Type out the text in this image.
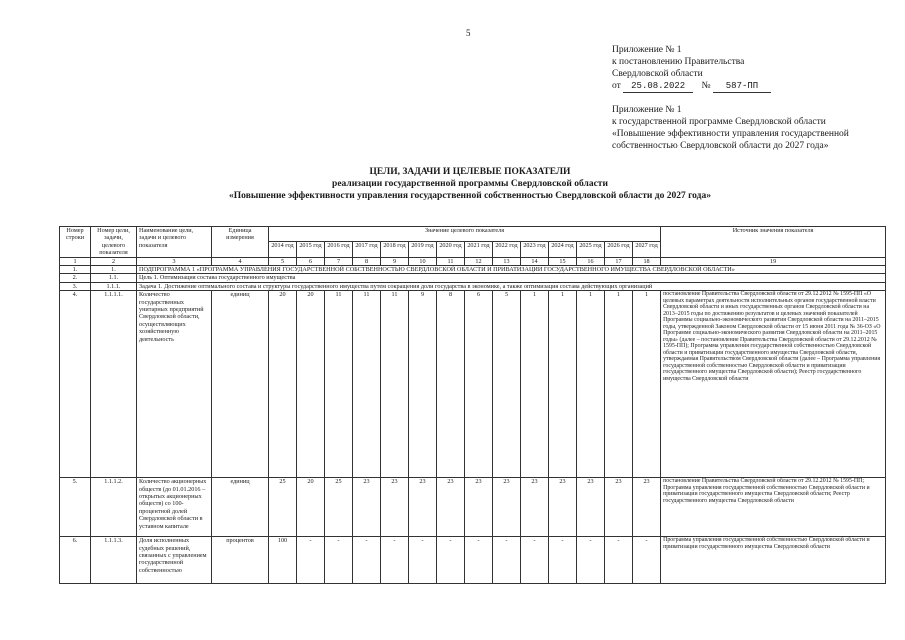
5
Приложение № 1
к постановлению Правительства
Свердловской области
от 25.08.2022 № 587-ПП
Приложение № 1
к государственной программе Свердловской области
«Повышение эффективности управления государственной
собственностью Свердловской области до 2027 года»
ЦЕЛИ, ЗАДАЧИ И ЦЕЛЕВЫЕ ПОКАЗАТЕЛИ
реализации государственной программы Свердловской области
«Повышение эффективности управления государственной собственностью Свердловской области до 2027 года»
Номер строки	Номер цели, задачи, целевого показателя	Наименование цели, задачи и целевого показателя	Единица измерения	Значение целевого показателя														Источник значения показателя
				2014 год	2015 год	2016 год	2017 год	2018 год	2019 год	2020 год	2021 год	2022 год	2023 год	2024 год	2025 год	2026 год	2027 год	
1	2	3	4	5	6	7	8	9	10	11	12	13	14	15	16	17	18	19
1.	1.	ПОДПРОГРАММА 1 «ПРОГРАММА УПРАВЛЕНИЯ ГОСУДАРСТВЕННОЙ СОБСТВЕННОСТЬЮ СВЕРДЛОВСКОЙ ОБЛАСТИ И ПРИВАТИЗАЦИИ ГОСУДАРСТВЕННОГО ИМУЩЕСТВА СВЕРДЛОВСКОЙ ОБЛАСТИ»																
2.	1.1.	Цель 1. Оптимизация состава государственного имущества																
3.	1.1.1.	Задача 1. Достижение оптимального состава и структуры государственного имущества путем сокращения доли государства в экономике, а также оптимизация состава действующих организаций																
4.	1.1.1.1.	Количество государственных унитарных предприятий Свердловской области, осуществляющих хозяйственную деятельность	единиц	20	20	11	11	11	9	8	6	5	1	1	1	1	1	постановление Правительства Свердловской области от 29.12.2012 № 1595-ПП «О целевых параметрах деятельности исполнительных органов государственной власти Свердловской области и иных государственных органов Свердловской области на 2013–2015 годы по достижению результатов и целевых значений показателей Программы социально-экономического развития Свердловской области на 2011–2015 годы, утвержденной Законом Свердловской области от 15 июня 2011 года № 36-ОЗ «О Программе социально-экономического развития Свердловской области на 2011–2015 годы» (далее – постановление Правительства Свердловской области от 29.12.2012 № 1595-ПП); Программа управления государственной собственностью Свердловской области и приватизации государственного имущества Свердловской области, утверждаемая Правительством Свердловской области (далее – Программа управления государственной собственностью Свердловской области и приватизации государственного имущества Свердловской области); Реестр государственного имущества Свердловской области
5.	1.1.1.2.	Количество акционерных обществ (до 01.01.2016 – открытых акционерных обществ) со 100-процентной долей Свердловской области в уставном капитале	единиц	25	20	25	23	23	23	23	23	23	23	23	23	23	23	постановление Правительства Свердловской области от 29.12.2012 № 1595-ПП; Программа управления государственной собственностью Свердловской области и приватизации государственного имущества Свердловской области; Реестр государственного имущества Свердловской области
6.	1.1.1.3.	Доля исполненных судебных решений, связанных с управлением государственной собственностью	процентов	100	-	-	-	-	-	-	-	-	-	-	-	-	-	Программа управления государственной собственностью Свердловской области и приватизации государственного имущества Свердловской области
